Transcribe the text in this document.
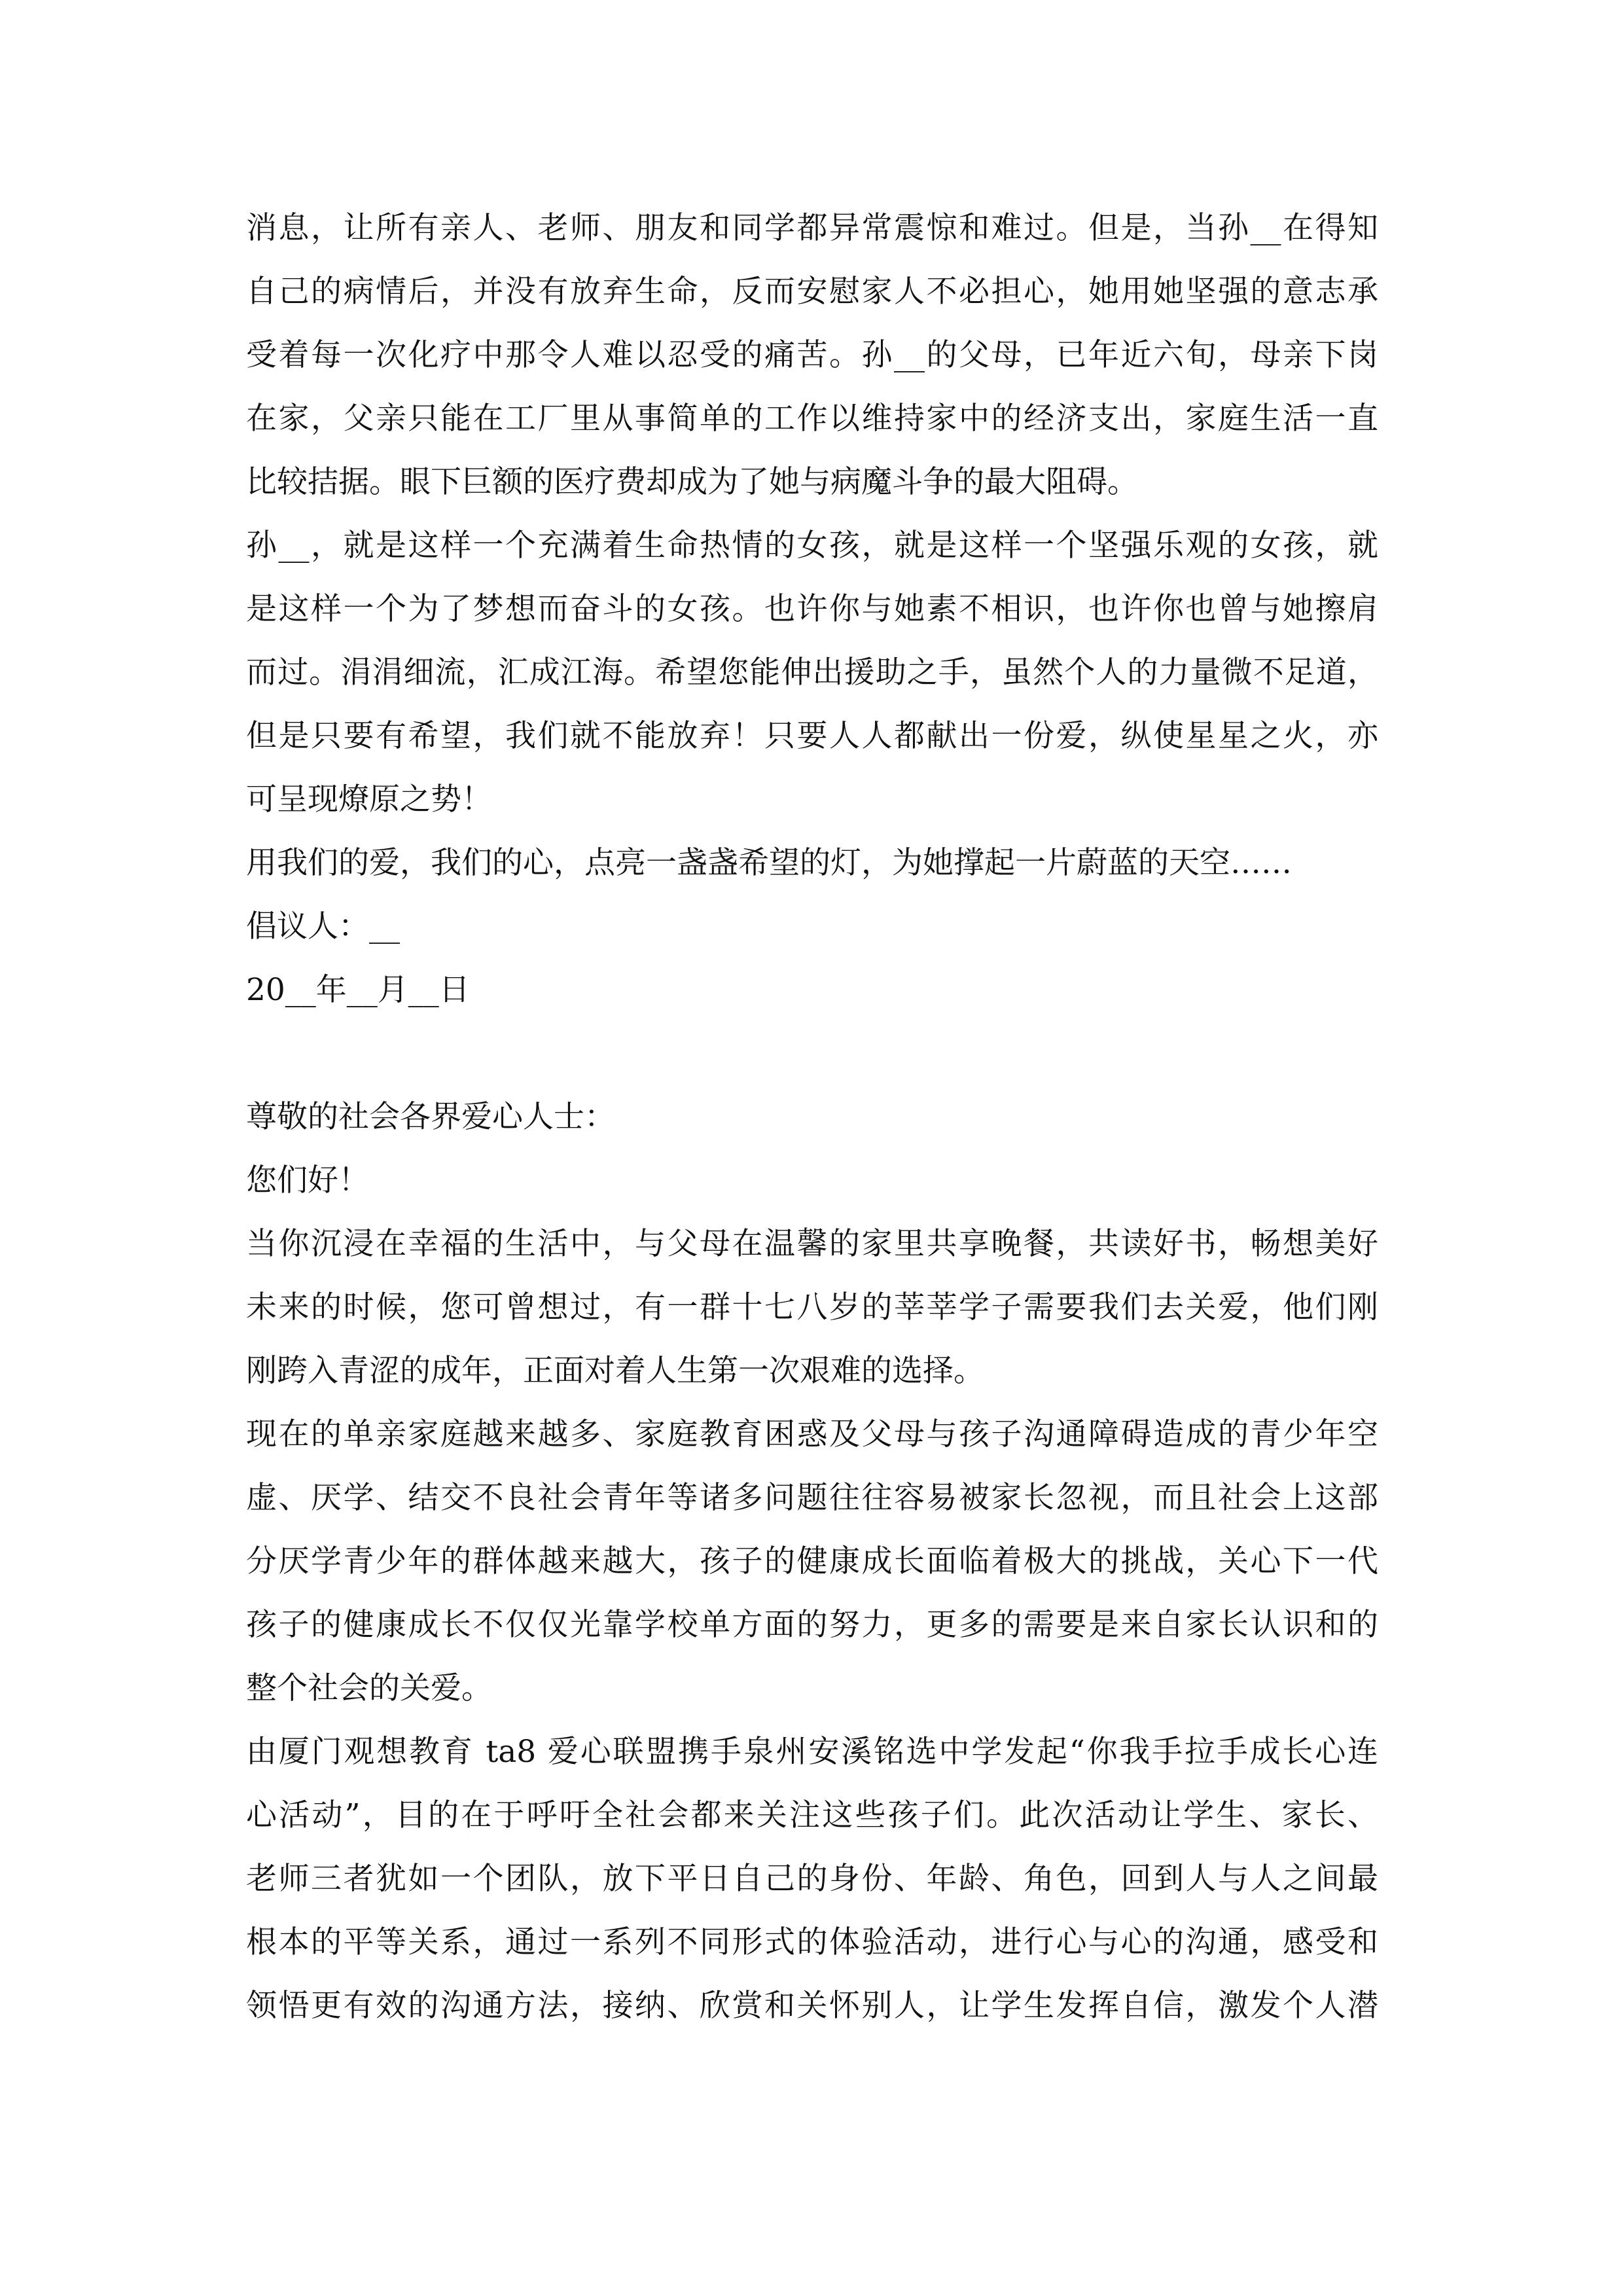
消息，让所有亲人、老师、朋友和同学都异常震惊和难过。但是，当孙__在得知
自己的病情后，并没有放弃生命，反而安慰家人不必担心，她用她坚强的意志承
受着每一次化疗中那令人难以忍受的痛苦。孙__的父母，已年近六旬，母亲下岗
在家，父亲只能在工厂里从事简单的工作以维持家中的经济支出，家庭生活一直
比较拮据。眼下巨额的医疗费却成为了她与病魔斗争的最大阻碍。
孙__，就是这样一个充满着生命热情的女孩，就是这样一个坚强乐观的女孩，就
是这样一个为了梦想而奋斗的女孩。也许你与她素不相识，也许你也曾与她擦肩
而过。涓涓细流，汇成江海。希望您能伸出援助之手，虽然个人的力量微不足道，
但是只要有希望，我们就不能放弃！只要人人都献出一份爱，纵使星星之火，亦
可呈现燎原之势！
用我们的爱，我们的心，点亮一盏盏希望的灯，为她撑起一片蔚蓝的天空……
倡议人：__
20__年__月__日
尊敬的社会各界爱心人士：
您们好！
当你沉浸在幸福的生活中，与父母在温馨的家里共享晚餐，共读好书，畅想美好
未来的时候，您可曾想过，有一群十七八岁的莘莘学子需要我们去关爱，他们刚
刚跨入青涩的成年，正面对着人生第一次艰难的选择。
现在的单亲家庭越来越多、家庭教育困惑及父母与孩子沟通障碍造成的青少年空
虚、厌学、结交不良社会青年等诸多问题往往容易被家长忽视，而且社会上这部
分厌学青少年的群体越来越大，孩子的健康成长面临着极大的挑战，关心下一代
孩子的健康成长不仅仅光靠学校单方面的努力，更多的需要是来自家长认识和的
整个社会的关爱。
由厦门观想教育 ta8 爱心联盟携手泉州安溪铭选中学发起“你我手拉手成长心连
心活动”，目的在于呼吁全社会都来关注这些孩子们。此次活动让学生、家长、
老师三者犹如一个团队，放下平日自己的身份、年龄、角色，回到人与人之间最
根本的平等关系，通过一系列不同形式的体验活动，进行心与心的沟通，感受和
领悟更有效的沟通方法，接纳、欣赏和关怀别人，让学生发挥自信，激发个人潜
